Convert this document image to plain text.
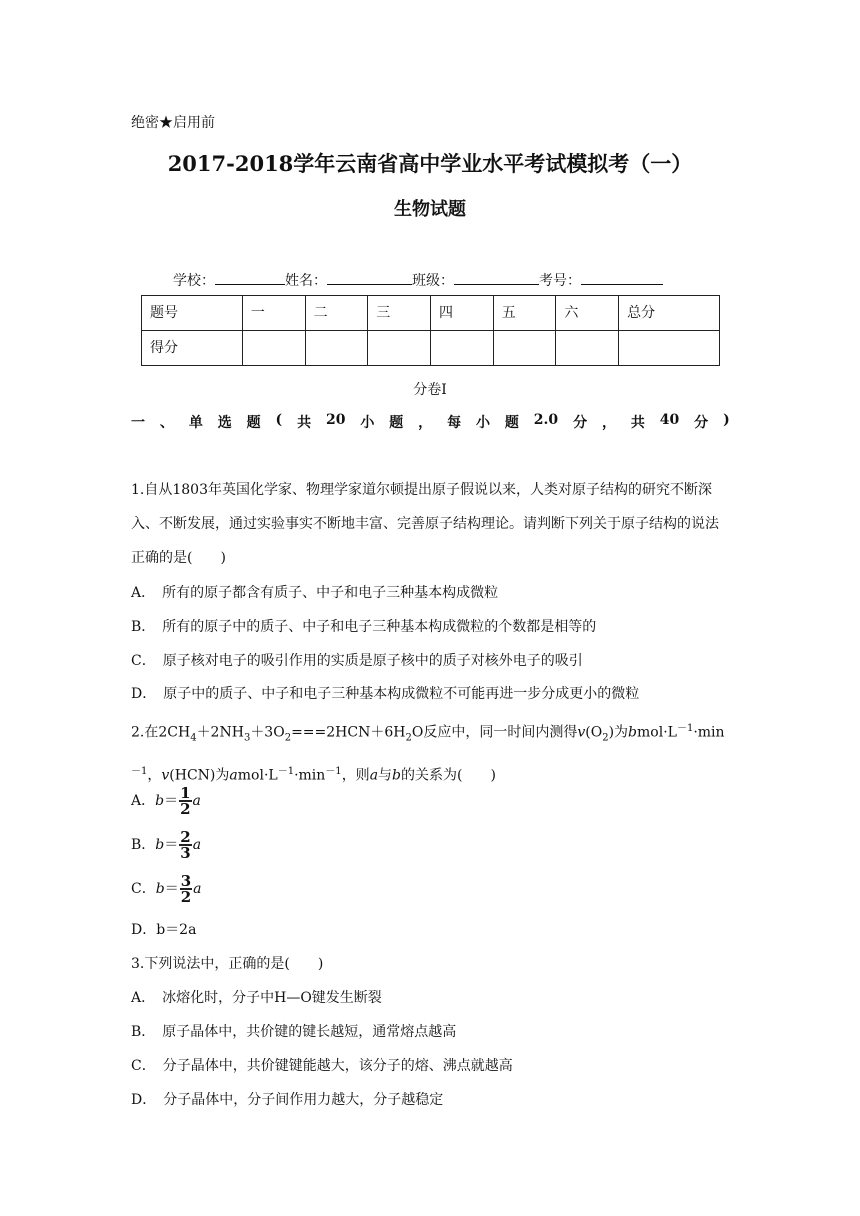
绝密★启用前
2017-2018学年云南省高中学业水平考试模拟考（一）
生物试题
学校：	姓名：	班级：	考号：
题号	一	二	三	四	五	六	总分
得分							
分卷I
一 、 单 选 题 ( 共 20 小 题 ， 每 小 题 2.0 分 ， 共 40 分 )

1.自从1803年英国化学家、物理学家道尔顿提出原子假说以来，人类对原子结构的研究不断深入、不断发展，通过实验事实不断地丰富、完善原子结构理论。请判断下列关于原子结构的说法正确的是(　　)

A．　所有的原子都含有质子、中子和电子三种基本构成微粒
B．　所有的原子中的质子、中子和电子三种基本构成微粒的个数都是相等的
C．　原子核对电子的吸引作用的实质是原子核中的质子对核外电子的吸引
D．　原子中的质子、中子和电子三种基本构成微粒不可能再进一步分成更小的微粒

2.在$2CH_4+2NH_3+3O_2===2HCN+6H_2O$反应中，同一时间内测得$v(O_2)$为$bmol\cdot L^{-1}\cdot\min^{-1}$，v(HCN)为$amol\cdot L^{-1}\cdot\min^{-1}$，则a与b的关系为(　　)

A．$b= \frac{1}{2}$ a
B．$b= \frac{2}{3}$ a
C．$b= \frac{3}{2}$ a
D．b＝2a
3.下列说法中，正确的是(　　)
A．　冰熔化时，分子中H—O键发生断裂
B．　原子晶体中，共价键的键长越短，通常熔点越高
C．　分子晶体中，共价键键能越大，该分子的熔、沸点就越高
D．　分子晶体中，分子间作用力越大，分子越稳定
